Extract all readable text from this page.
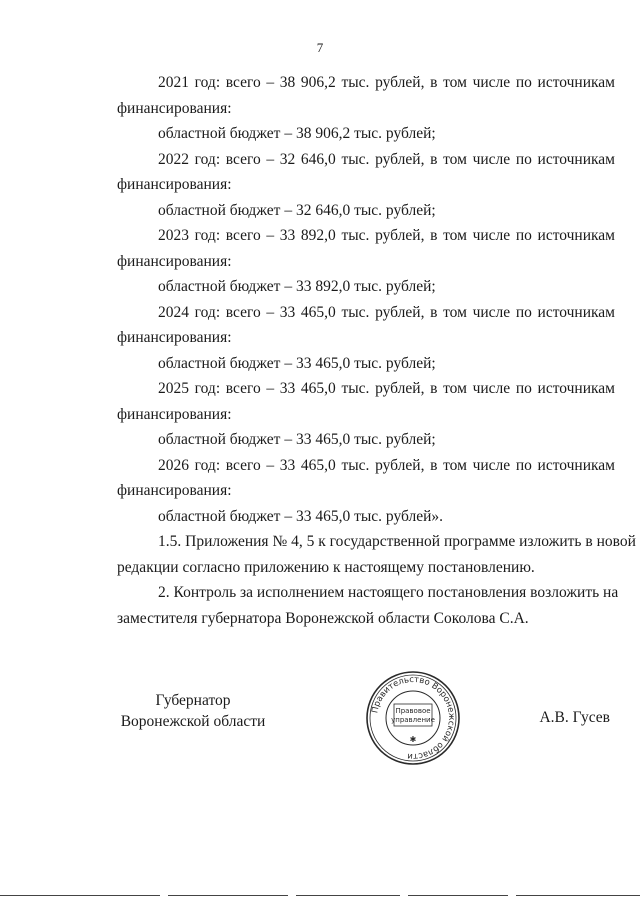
7
2021 год: всего – 38 906,2 тыс. рублей, в том числе по источникам
финансирования:
областной бюджет – 38 906,2 тыс. рублей;
2022 год: всего – 32 646,0 тыс. рублей, в том числе по источникам
финансирования:
областной бюджет – 32 646,0 тыс. рублей;
2023 год: всего – 33 892,0 тыс. рублей, в том числе по источникам
финансирования:
областной бюджет – 33 892,0 тыс. рублей;
2024 год: всего – 33 465,0 тыс. рублей, в том числе по источникам
финансирования:
областной бюджет – 33 465,0 тыс. рублей;
2025 год: всего – 33 465,0 тыс. рублей, в том числе по источникам
финансирования:
областной бюджет – 33 465,0 тыс. рублей;
2026 год: всего – 33 465,0 тыс. рублей, в том числе по источникам
финансирования:
областной бюджет – 33 465,0 тыс. рублей».
1.5. Приложения № 4, 5 к государственной программе изложить в новой
редакции согласно приложению к настоящему постановлению.
2. Контроль за исполнением настоящего постановления возложить на
заместителя губернатора Воронежской области Соколова С.А.
Губернатор
Воронежской области
Правительство Воронежской области
Правовое
управление
✱
А.В. Гусев
